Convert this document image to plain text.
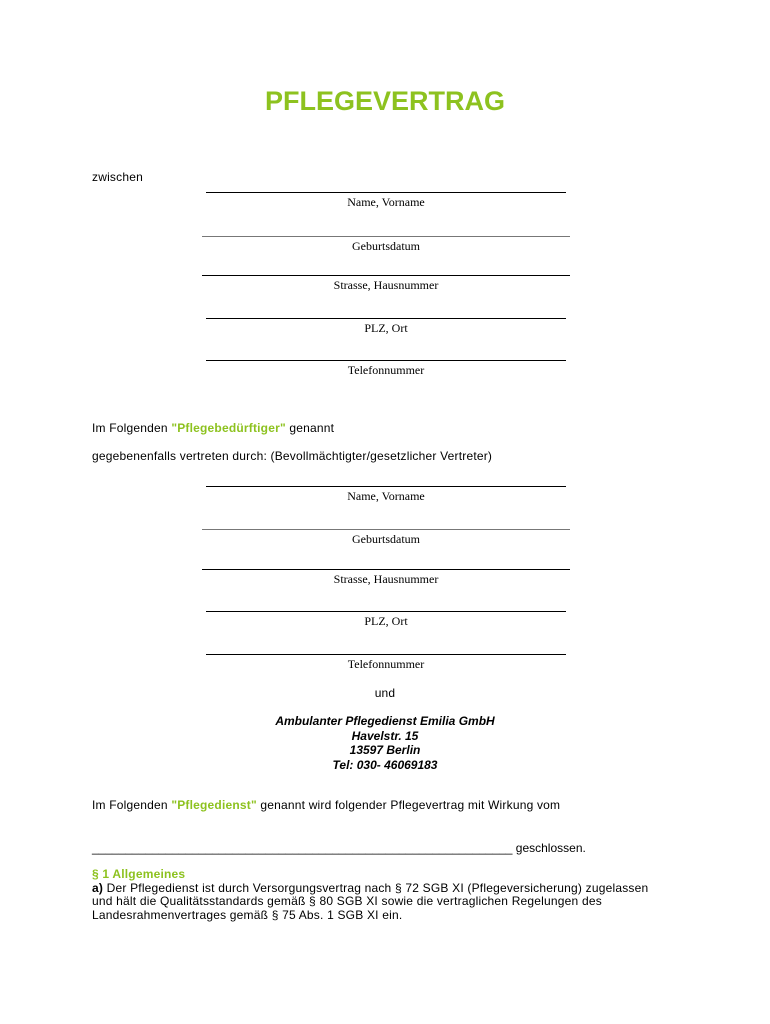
PFLEGEVERTRAG
zwischen
Name, Vorname
Geburtsdatum
Strasse, Hausnummer
PLZ, Ort
Telefonnummer
Im Folgenden "Pflegebedürftiger" genannt
gegebenenfalls vertreten durch: (Bevollmächtigter/gesetzlicher Vertreter)
Name, Vorname
Geburtsdatum
Strasse, Hausnummer
PLZ, Ort
Telefonnummer
und
Ambulanter Pflegedienst Emilia GmbH
Havelstr. 15
13597 Berlin
Tel: 030- 46069183
Im Folgenden "Pflegedienst" genannt wird folgender Pflegevertrag mit Wirkung vom
_______________________________________________________________ geschlossen.
§ 1 Allgemeines
a) Der Pflegedienst ist durch Versorgungsvertrag nach § 72 SGB XI (Pflegeversicherung) zugelassen
und hält die Qualitätsstandards gemäß § 80 SGB XI sowie die vertraglichen Regelungen des
Landesrahmenvertrages gemäß § 75 Abs. 1 SGB XI ein.
